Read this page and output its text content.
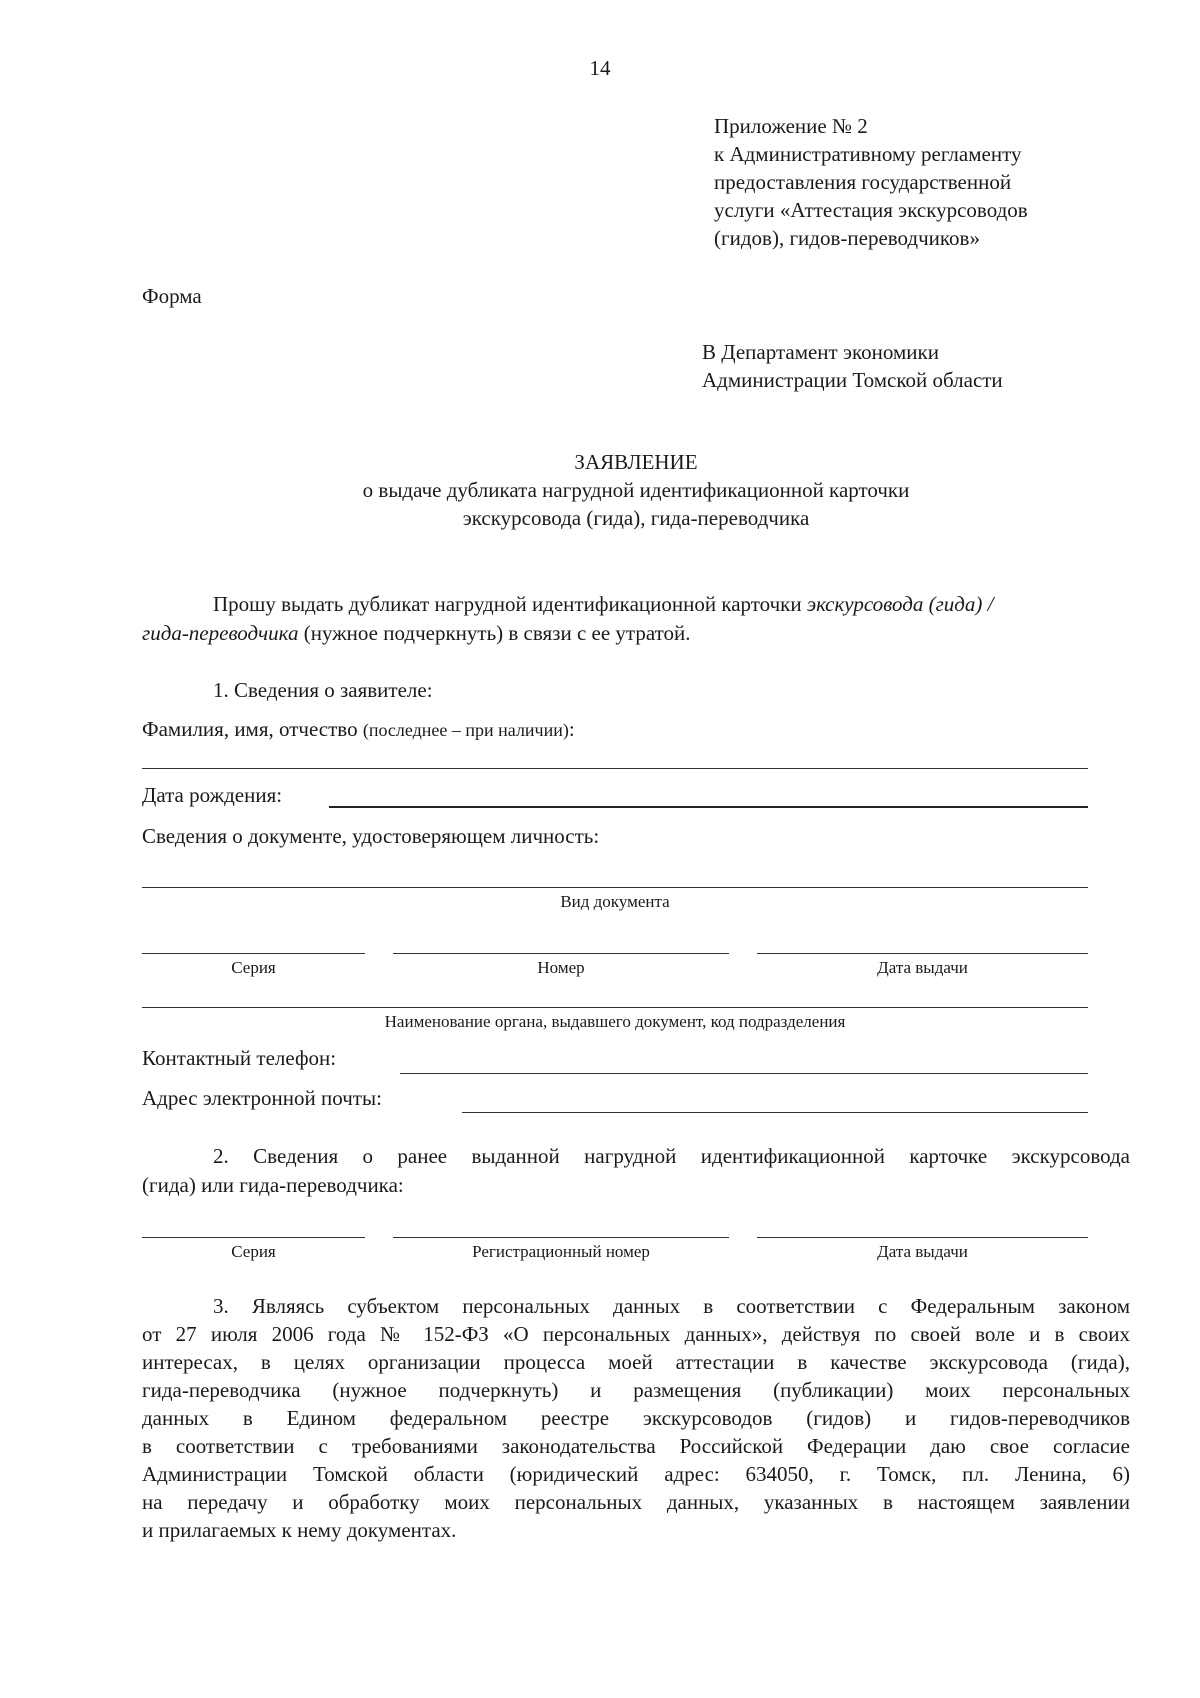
14
Приложение № 2
к Административному регламенту
предоставления государственной
услуги «Аттестация экскурсоводов
(гидов), гидов-переводчиков»
Форма
В Департамент экономики
Администрации Томской области
ЗАЯВЛЕНИЕ
о выдаче дубликата нагрудной идентификационной карточки
экскурсовода (гида), гида-переводчика
Прошу выдать дубликат нагрудной идентификационной карточки экскурсовода (гида) /
гида-переводчика (нужное подчеркнуть) в связи с ее утратой.
1. Сведения о заявителе:
Фамилия, имя, отчество (последнее – при наличии):
Дата рождения:
Сведения о документе, удостоверяющем личность:
Вид документа
Серия	Номер	Дата выдачи
Наименование органа, выдавшего документ, код подразделения
Контактный телефон:
Адрес электронной почты:
2. Сведения о ранее выданной нагрудной идентификационной карточке экскурсовода
(гида) или гида-переводчика:
Серия	Регистрационный номер	Дата выдачи
3. Являясь субъектом персональных данных в соответствии с Федеральным законом
от 27 июля 2006 года № 152-ФЗ «О персональных данных», действуя по своей воле и в своих
интересах, в целях организации процесса моей аттестации в качестве экскурсовода (гида),
гида-переводчика (нужное подчеркнуть) и размещения (публикации) моих персональных
данных в Едином федеральном реестре экскурсоводов (гидов) и гидов-переводчиков
в соответствии с требованиями законодательства Российской Федерации даю свое согласие
Администрации Томской области (юридический адрес: 634050, г. Томск, пл. Ленина, 6)
на передачу и обработку моих персональных данных, указанных в настоящем заявлении
и прилагаемых к нему документах.
